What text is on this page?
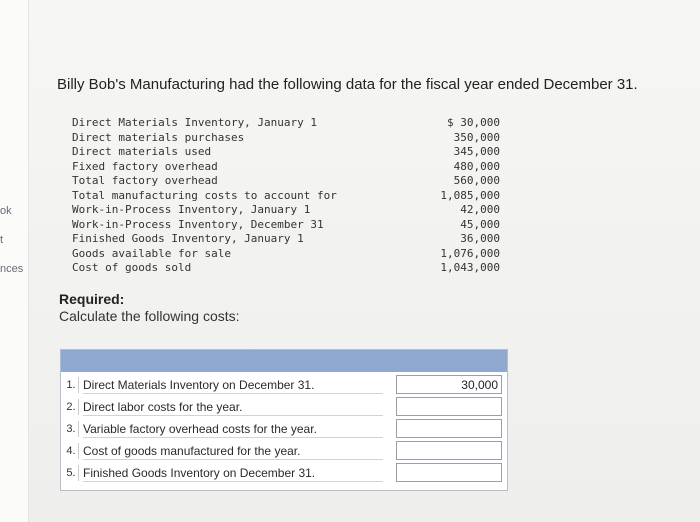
ok
t
nces
Billy Bob's Manufacturing had the following data for the fiscal year ended December 31.
Direct Materials Inventory, January 1	$ 30,000
Direct materials purchases	350,000
Direct materials used	345,000
Fixed factory overhead	480,000
Total factory overhead	560,000
Total manufacturing costs to account for	1,085,000
Work-in-Process Inventory, January 1	42,000
Work-in-Process Inventory, December 31	45,000
Finished Goods Inventory, January 1	36,000
Goods available for sale	1,076,000
Cost of goods sold	1,043,000
Required:
Calculate the following costs:
1. Direct Materials Inventory on December 31.
30,000
2. Direct labor costs for the year.
3. Variable factory overhead costs for the year.
4. Cost of goods manufactured for the year.
5. Finished Goods Inventory on December 31.
